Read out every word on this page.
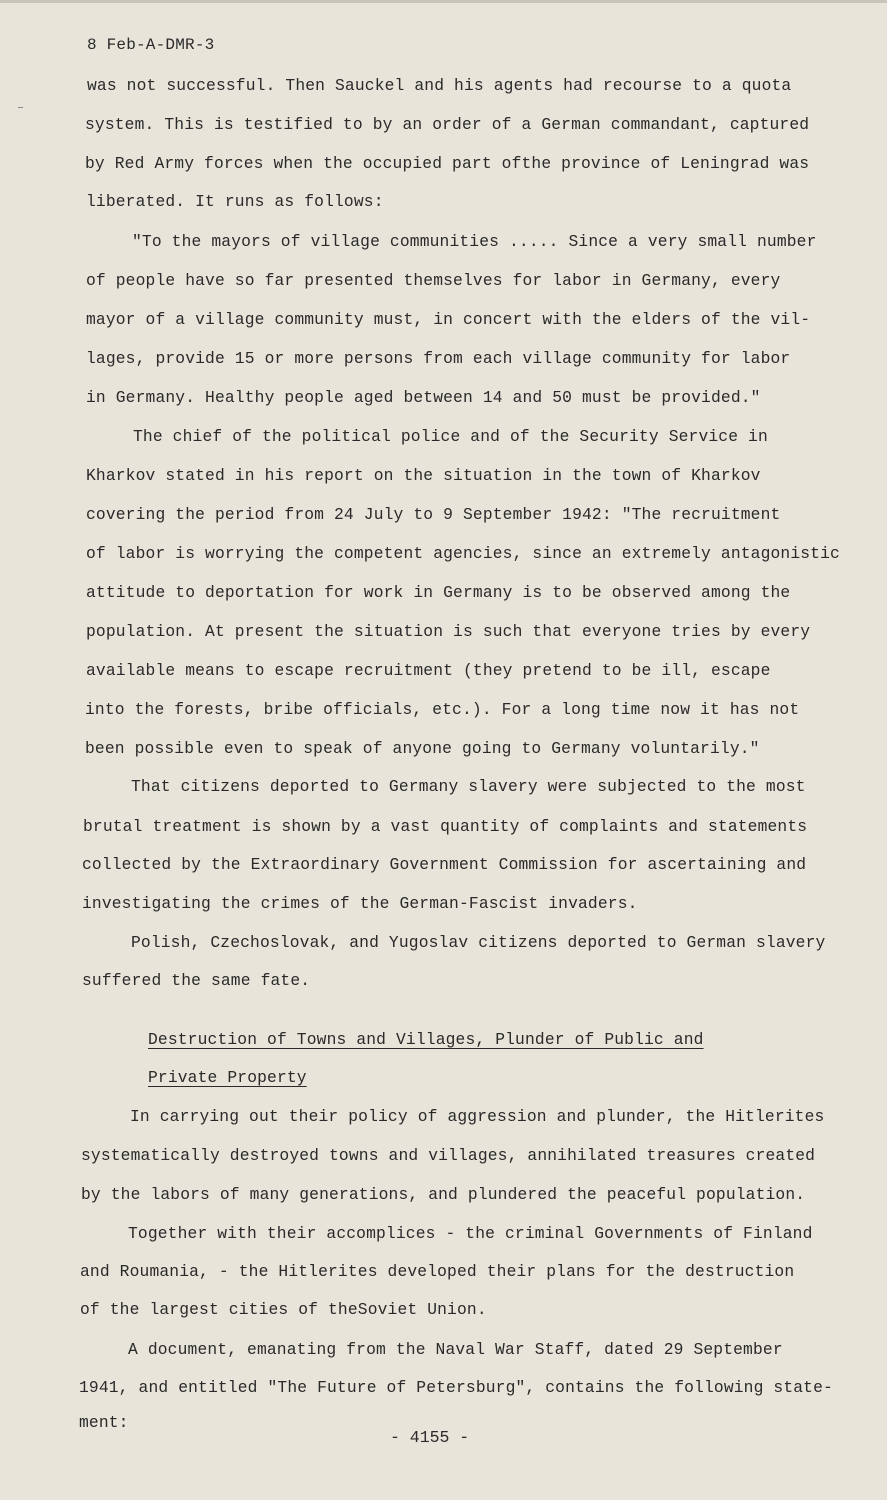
8 Feb-A-DMR-3
was not successful. Then Sauckel and his agents had recourse to a quota
system. This is testified to by an order of a German commandant, captured
by Red Army forces when the occupied part ofthe province of Leningrad was
liberated. It runs as follows:
"To the mayors of village communities ..... Since a very small number
of people have so far presented themselves for labor in Germany, every
mayor of a village community must, in concert with the elders of the vil-
lages, provide 15 or more persons from each village community for labor
in Germany. Healthy people aged between 14 and 50 must be provided."
The chief of the political police and of the Security Service in
Kharkov stated in his report on the situation in the town of Kharkov
covering the period from 24 July to 9 September 1942: "The recruitment
of labor is worrying the competent agencies, since an extremely antagonistic
attitude to deportation for work in Germany is to be observed among the
population. At present the situation is such that everyone tries by every
available means to escape recruitment (they pretend to be ill, escape
into the forests, bribe officials, etc.). For a long time now it has not
been possible even to speak of anyone going to Germany voluntarily."
That citizens deported to Germany slavery were subjected to the most
brutal treatment is shown by a vast quantity of complaints and statements
collected by the Extraordinary Government Commission for ascertaining and
investigating the crimes of the German-Fascist invaders.
Polish, Czechoslovak, and Yugoslav citizens deported to German slavery
suffered the same fate.
Destruction of Towns and Villages, Plunder of Public and
Private Property
In carrying out their policy of aggression and plunder, the Hitlerites
systematically destroyed towns and villages, annihilated treasures created
by the labors of many generations, and plundered the peaceful population.
Together with their accomplices - the criminal Governments of Finland
and Roumania, - the Hitlerites developed their plans for the destruction
of the largest cities of theSoviet Union.
A document, emanating from the Naval War Staff, dated 29 September
1941, and entitled "The Future of Petersburg", contains the following state-
ment:
- 4155 -
